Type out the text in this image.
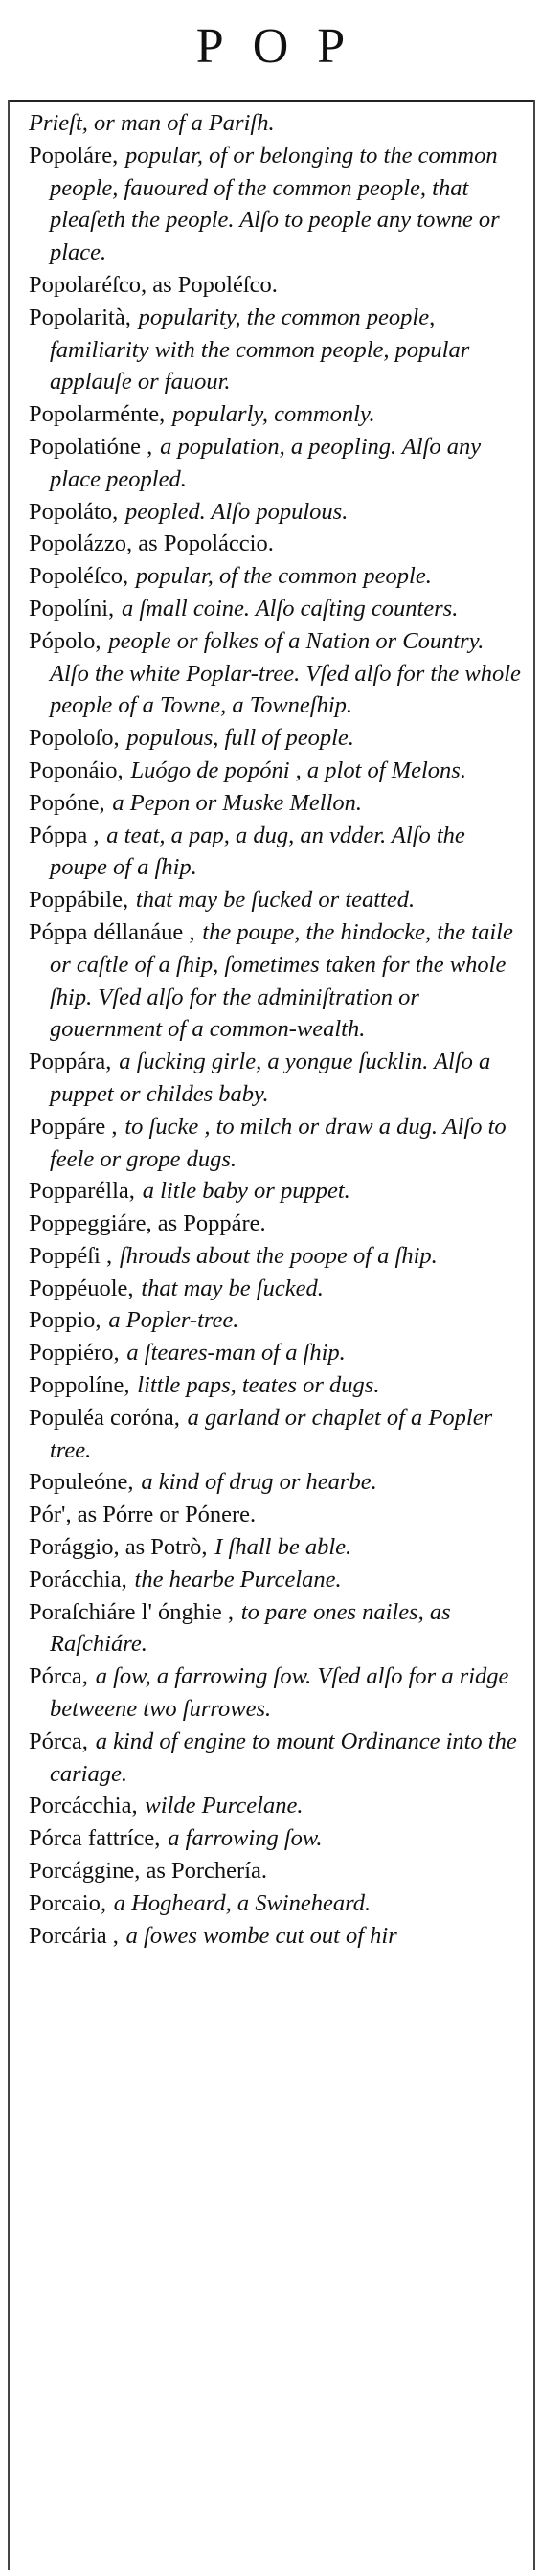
POP

Prieſt, or man of a Pariſh.

Popoláre, popular, of or belonging to the common people, fauoured of the common people, that pleaſeth the people. Alſo to people any towne or place.

Popolaréſco, as Popoléſco.

Popolarità, popularity, the common people, familiarity with the common people, popular applauſe or fauour.

Popolarménte, popularly, commonly.

Popolatióne , a population, a peopling. Alſo any place peopled.

Popoláto, peopled. Alſo populous.

Popolázzo, as Popoláccio.

Popoléſco, popular, of the common people.

Popolíni, a ſmall coine. Alſo caſting counters.

Pópolo, people or folkes of a Nation or Country. Alſo the white Poplar-tree. Vſed alſo for the whole people of a Towne, a Towneſhip.

Popoloſo, populous, full of people.

Poponáio, Luógo de popóni , a plot of Melons.

Popóne, a Pepon or Muske Mellon.

Póppa , a teat, a pap, a dug, an vdder. Alſo the poupe of a ſhip.

Poppábile, that may be ſucked or teatted.

Póppa déllanáue , the poupe, the hindocke, the taile or caſtle of a ſhip, ſometimes taken for the whole ſhip. Vſed alſo for the adminiſtration or gouernment of a common-wealth.

Poppára, a ſucking girle, a yongue ſucklin. Alſo a puppet or childes baby.

Poppáre , to ſucke , to milch or draw a dug. Alſo to feele or grope dugs.

Popparélla, a litle baby or puppet.

Poppeggiáre, as Poppáre.

Poppéſi , ſhrouds about the poope of a ſhip.

Poppéuole, that may be ſucked.

Poppio, a Popler-tree.

Poppiéro, a ſteares-man of a ſhip.

Poppolíne, little paps, teates or dugs.

Populéa coróna, a garland or chaplet of a Popler tree.

Populeóne, a kind of drug or hearbe.

Pór', as Pórre or Pónere.

Porággio, as Potrò, I ſhall be able.

Porácchia, the hearbe Purcelane.

Poraſchiáre l' ónghie , to pare ones nailes, as Raſchiáre.

Pórca, a ſow, a farrowing ſow. Vſed alſo for a ridge betweene two furrowes.

Pórca, a kind of engine to mount Ordinance into the cariage.

Porcácchia, wilde Purcelane.

Pórca fattríce, a farrowing ſow.

Porcággine, as Porchería.

Porcaio, a Hogheard, a Swineheard.

Porcária , a ſowes wombe cut out of hir
